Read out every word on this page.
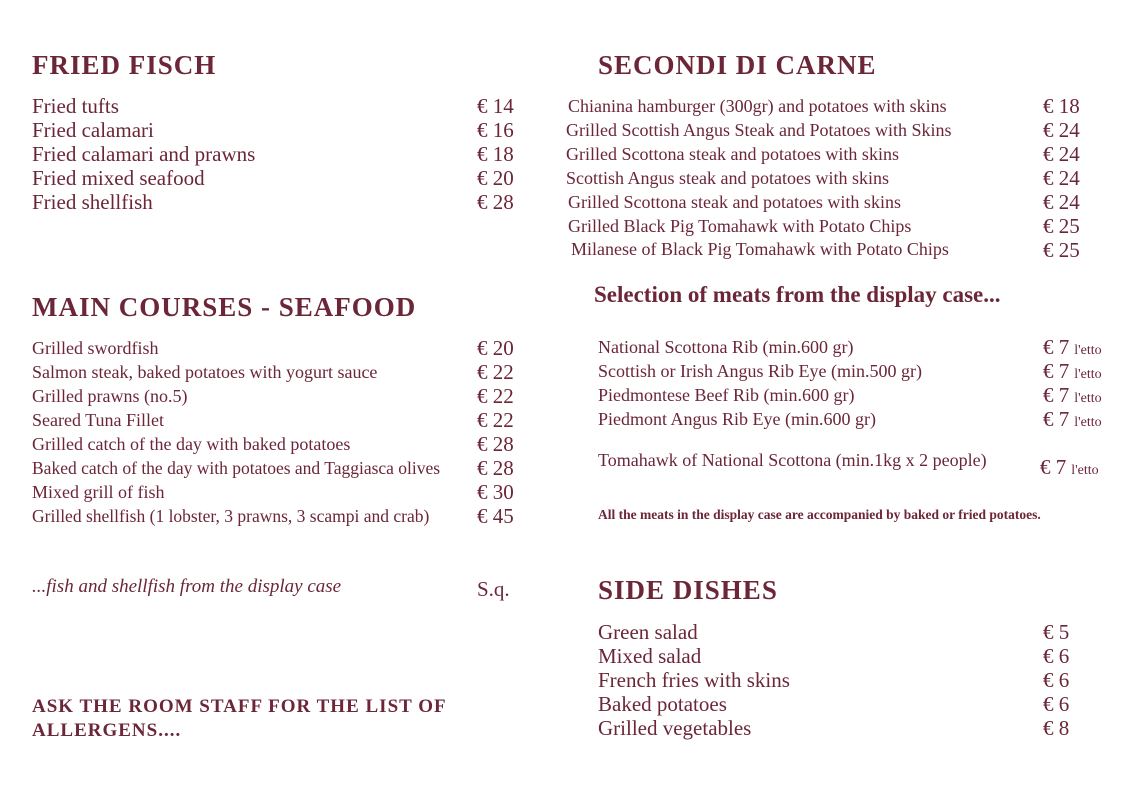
FRIED FISCH
Fried tufts	€ 14
Fried calamari	€ 16
Fried calamari and prawns	€ 18
Fried mixed seafood	€ 20
Fried shellfish	€ 28
MAIN COURSES - SEAFOOD
Grilled swordfish	€ 20
Salmon steak, baked potatoes with yogurt sauce	€ 22
Grilled prawns (no.5)	€ 22
Seared Tuna Fillet	€ 22
Grilled catch of the day with baked potatoes	€ 28
Baked catch of the day with potatoes and Taggiasca olives € 28
Mixed grill of fish	€ 30
Grilled shellfish (1 lobster, 3 prawns, 3 scampi and crab) € 45
...fish and shellfish from the display case	S.q.
ASK THE ROOM STAFF FOR THE LIST OF
ALLERGENS....
SECONDI DI CARNE
Chianina hamburger (300gr) and potatoes with skins	€ 18
Grilled Scottish Angus Steak and Potatoes with Skins	€ 24
Grilled Scottona steak and potatoes with skins	€ 24
Scottish Angus steak and potatoes with skins	€ 24
Grilled Scottona steak and potatoes with skins	€ 24
Grilled Black Pig Tomahawk with Potato Chips	€ 25
Milanese of Black Pig Tomahawk with Potato Chips	€ 25
Selection of meats from the display case...
National Scottona Rib (min.600 gr)	€ 7 l'etto
Scottish or Irish Angus Rib Eye (min.500 gr)	€ 7 l'etto
Piedmontese Beef Rib (min.600 gr)	€ 7 l'etto
Piedmont Angus Rib Eye (min.600 gr)	€ 7 l'etto
Tomahawk of National Scottona (min.1kg x 2 people)	€ 7 l'etto
All the meats in the display case are accompanied by baked or fried potatoes.
SIDE DISHES
Green salad	€ 5
Mixed salad	€ 6
French fries with skins	€ 6
Baked potatoes	€ 6
Grilled vegetables	€ 8
